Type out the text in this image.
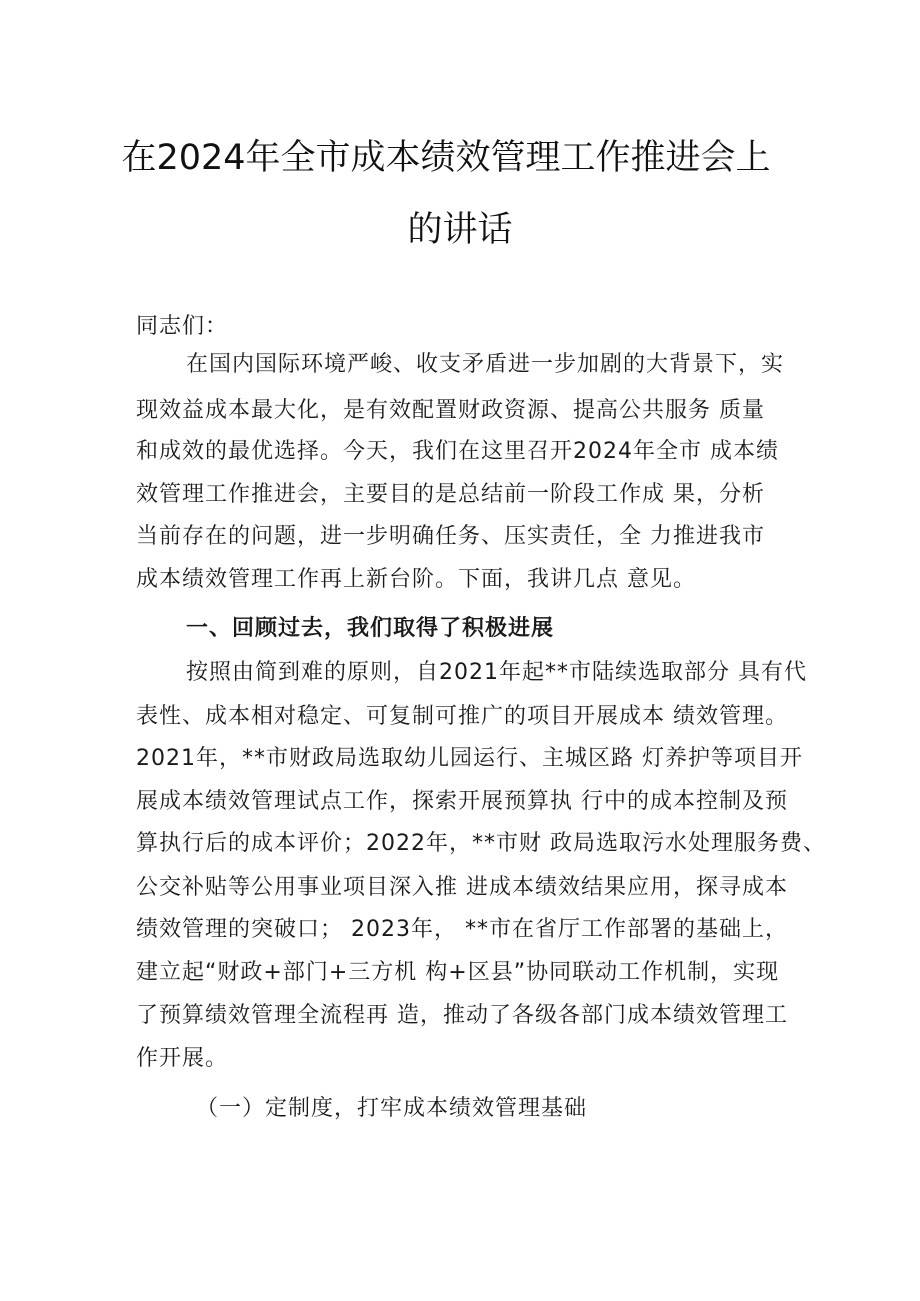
在2024年全市成本绩效管理工作推进会上
的讲话
同志们：
在国内国际环境严峻、收支矛盾进一步加剧的大背景下，实
现效益成本最大化，是有效配置财政资源、提高公共服务 质量
和成效的最优选择。今天，我们在这里召开2024年全市 成本绩
效管理工作推进会，主要目的是总结前一阶段工作成 果，分析
当前存在的问题，进一步明确任务、压实责任，全 力推进我市
成本绩效管理工作再上新台阶。下面，我讲几点 意见。
一、回顾过去，我们取得了积极进展
按照由简到难的原则，自2021年起**市陆续选取部分 具有代
表性、成本相对稳定、可复制可推广的项目开展成本 绩效管理。
2021年，**市财政局选取幼儿园运行、主城区路 灯养护等项目开
展成本绩效管理试点工作，探索开展预算执 行中的成本控制及预
算执行后的成本评价；2022年，**市财 政局选取污水处理服务费、
公交补贴等公用事业项目深入推 进成本绩效结果应用，探寻成本
绩效管理的突破口； 2023年， **市在省厅工作部署的基础上，
建立起“财政+部门+三方机 构+区县”协同联动工作机制，实现
了预算绩效管理全流程再 造，推动了各级各部门成本绩效管理工
作开展。
（一）定制度，打牢成本绩效管理基础
